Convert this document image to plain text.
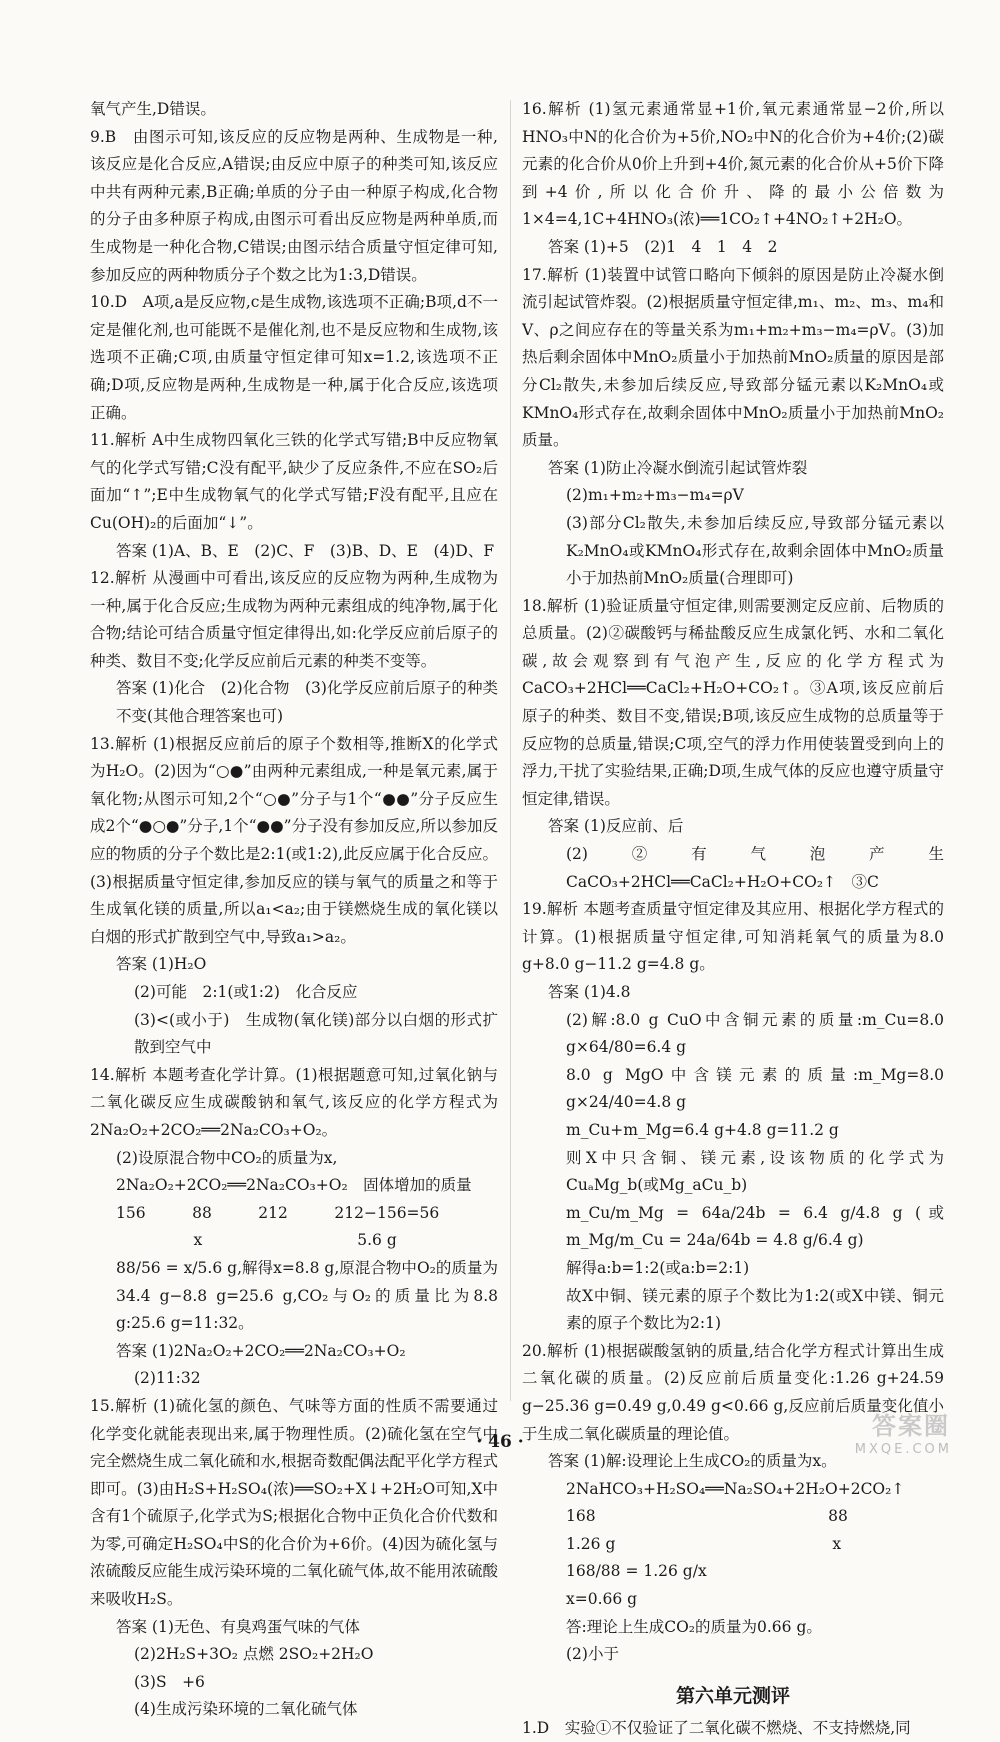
氧气产生,D错误。
9.B　由图示可知,该反应的反应物是两种、生成物是一种,该反应是化合反应,A错误;由反应中原子的种类可知,该反应中共有两种元素,B正确;单质的分子由一种原子构成,化合物的分子由多种原子构成,由图示可看出反应物是两种单质,而生成物是一种化合物,C错误;由图示结合质量守恒定律可知,参加反应的两种物质分子个数之比为1:3,D错误。
10.D　A项,a是反应物,c是生成物,该选项不正确;B项,d不一定是催化剂,也可能既不是催化剂,也不是反应物和生成物,该选项不正确;C项,由质量守恒定律可知x=1.2,该选项不正确;D项,反应物是两种,生成物是一种,属于化合反应,该选项正确。
11.解析 A中生成物四氧化三铁的化学式写错;B中反应物氧气的化学式写错;C没有配平,缺少了反应条件,不应在SO₂后面加“↑”;E中生成物氧气的化学式写错;F没有配平,且应在Cu(OH)₂的后面加“↓”。
答案 (1)A、B、E　(2)C、F　(3)B、D、E　(4)D、F
12.解析 从漫画中可看出,该反应的反应物为两种,生成物为一种,属于化合反应;生成物为两种元素组成的纯净物,属于化合物;结论可结合质量守恒定律得出,如:化学反应前后原子的种类、数目不变;化学反应前后元素的种类不变等。
答案 (1)化合　(2)化合物　(3)化学反应前后原子的种类不变(其他合理答案也可)
13.解析 (1)根据反应前后的原子个数相等,推断X的化学式为H₂O。(2)因为“○●”由两种元素组成,一种是氧元素,属于氧化物;从图示可知,2个“○●”分子与1个“●●”分子反应生成2个“●○●”分子,1个“●●”分子没有参加反应,所以参加反应的物质的分子个数比是2:1(或1:2),此反应属于化合反应。(3)根据质量守恒定律,参加反应的镁与氧气的质量之和等于生成氧化镁的质量,所以a₁<a₂;由于镁燃烧生成的氧化镁以白烟的形式扩散到空气中,导致a₁>a₂。
答案 (1)H₂O
(2)可能　2:1(或1:2)　化合反应
(3)<(或小于)　生成物(氧化镁)部分以白烟的形式扩散到空气中
14.解析 本题考查化学计算。(1)根据题意可知,过氧化钠与二氧化碳反应生成碳酸钠和氧气,该反应的化学方程式为2Na₂O₂+2CO₂══2Na₂CO₃+O₂。
(2)设原混合物中CO₂的质量为x,
2Na₂O₂+2CO₂══2Na₂CO₃+O₂　固体增加的质量
156　　　88　　　212　　　212−156=56
　　　　　x　　　　　　　　　　5.6 g
88/56 = x/5.6 g,解得x=8.8 g,原混合物中O₂的质量为34.4 g−8.8 g=25.6 g,CO₂与O₂的质量比为8.8 g:25.6 g=11:32。
答案 (1)2Na₂O₂+2CO₂══2Na₂CO₃+O₂
(2)11:32
15.解析 (1)硫化氢的颜色、气味等方面的性质不需要通过化学变化就能表现出来,属于物理性质。(2)硫化氢在空气中完全燃烧生成二氧化硫和水,根据奇数配偶法配平化学方程式即可。(3)由H₂S+H₂SO₄(浓)══SO₂+X↓+2H₂O可知,X中含有1个硫原子,化学式为S;根据化合物中正负化合价代数和为零,可确定H₂SO₄中S的化合价为+6价。(4)因为硫化氢与浓硫酸反应能生成污染环境的二氧化硫气体,故不能用浓硫酸来吸收H₂S。
答案 (1)无色、有臭鸡蛋气味的气体
(2)2H₂S+3O₂ 点燃 2SO₂+2H₂O
(3)S　+6
(4)生成污染环境的二氧化硫气体
16.解析 (1)氢元素通常显+1价,氧元素通常显−2价,所以HNO₃中N的化合价为+5价,NO₂中N的化合价为+4价;(2)碳元素的化合价从0价上升到+4价,氮元素的化合价从+5价下降到+4价,所以化合价升、降的最小公倍数为1×4=4,1C+4HNO₃(浓)══1CO₂↑+4NO₂↑+2H₂O。
答案 (1)+5　(2)1　4　1　4　2
17.解析 (1)装置中试管口略向下倾斜的原因是防止冷凝水倒流引起试管炸裂。(2)根据质量守恒定律,m₁、m₂、m₃、m₄和V、ρ之间应存在的等量关系为m₁+m₂+m₃−m₄=ρV。(3)加热后剩余固体中MnO₂质量小于加热前MnO₂质量的原因是部分Cl₂散失,未参加后续反应,导致部分锰元素以K₂MnO₄或KMnO₄形式存在,故剩余固体中MnO₂质量小于加热前MnO₂质量。
答案 (1)防止冷凝水倒流引起试管炸裂
(2)m₁+m₂+m₃−m₄=ρV
(3)部分Cl₂散失,未参加后续反应,导致部分锰元素以K₂MnO₄或KMnO₄形式存在,故剩余固体中MnO₂质量小于加热前MnO₂质量(合理即可)
18.解析 (1)验证质量守恒定律,则需要测定反应前、后物质的总质量。(2)②碳酸钙与稀盐酸反应生成氯化钙、水和二氧化碳,故会观察到有气泡产生,反应的化学方程式为CaCO₃+2HCl══CaCl₂+H₂O+CO₂↑。③A项,该反应前后原子的种类、数目不变,错误;B项,该反应生成物的总质量等于反应物的总质量,错误;C项,空气的浮力作用使装置受到向上的浮力,干扰了实验结果,正确;D项,生成气体的反应也遵守质量守恒定律,错误。
答案 (1)反应前、后
(2)②有气泡产生　CaCO₃+2HCl══CaCl₂+H₂O+CO₂↑　③C
19.解析 本题考查质量守恒定律及其应用、根据化学方程式的计算。(1)根据质量守恒定律,可知消耗氧气的质量为8.0 g+8.0 g−11.2 g=4.8 g。
答案 (1)4.8
(2)解:8.0 g CuO中含铜元素的质量:m_Cu=8.0 g×64/80=6.4 g
8.0 g MgO中含镁元素的质量:m_Mg=8.0 g×24/40=4.8 g
m_Cu+m_Mg=6.4 g+4.8 g=11.2 g
则X中只含铜、镁元素,设该物质的化学式为CuₐMg_b(或Mg_aCu_b)
m_Cu/m_Mg = 64a/24b = 6.4 g/4.8 g (或m_Mg/m_Cu = 24a/64b = 4.8 g/6.4 g)
解得a:b=1:2(或a:b=2:1)
故X中铜、镁元素的原子个数比为1:2(或X中镁、铜元素的原子个数比为2:1)
20.解析 (1)根据碳酸氢钠的质量,结合化学方程式计算出生成二氧化碳的质量。(2)反应前后质量变化:1.26 g+24.59 g−25.36 g=0.49 g,0.49 g<0.66 g,反应前后质量变化值小于生成二氧化碳质量的理论值。
答案 (1)解:设理论上生成CO₂的质量为x。
2NaHCO₃+H₂SO₄══Na₂SO₄+2H₂O+2CO₂↑
168　　　　　　　　　　　　　　　88
1.26 g　　　　　　　　　　　　　　x
168/88 = 1.26 g/x
x=0.66 g
答:理论上生成CO₂的质量为0.66 g。
(2)小于
第六单元测评
1.D　实验①不仅验证了二氧化碳不燃烧、不支持燃烧,同
· 46 ·
答案圈
MXQE.COM
